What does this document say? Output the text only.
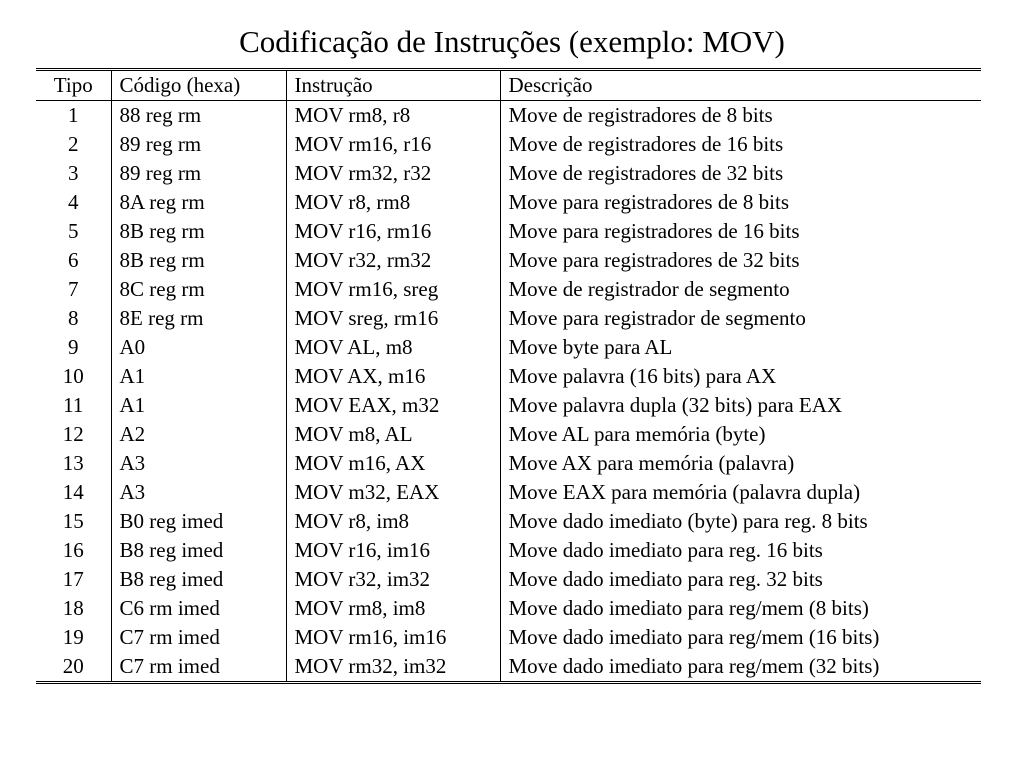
Codificação de Instruções (exemplo: MOV)
Tipo	Código (hexa)	Instrução	Descrição
1	88 reg rm	MOV rm8, r8	Move de registradores de 8 bits
2	89 reg rm	MOV rm16, r16	Move de registradores de 16 bits
3	89 reg rm	MOV rm32, r32	Move de registradores de 32 bits
4	8A reg rm	MOV r8, rm8	Move para registradores de 8 bits
5	8B reg rm	MOV r16, rm16	Move para registradores de 16 bits
6	8B reg rm	MOV r32, rm32	Move para registradores de 32 bits
7	8C reg rm	MOV rm16, sreg	Move de registrador de segmento
8	8E reg rm	MOV sreg, rm16	Move para registrador de segmento
9	A0	MOV AL, m8	Move byte para AL
10	A1	MOV AX, m16	Move palavra (16 bits) para AX
11	A1	MOV EAX, m32	Move palavra dupla (32 bits) para EAX
12	A2	MOV m8, AL	Move AL para memória (byte)
13	A3	MOV m16, AX	Move AX para memória (palavra)
14	A3	MOV m32, EAX	Move EAX para memória (palavra dupla)
15	B0 reg imed	MOV r8, im8	Move dado imediato (byte) para reg. 8 bits
16	B8 reg imed	MOV r16, im16	Move dado imediato para reg. 16 bits
17	B8 reg imed	MOV r32, im32	Move dado imediato para reg. 32 bits
18	C6 rm imed	MOV rm8, im8	Move dado imediato para reg/mem (8 bits)
19	C7 rm imed	MOV rm16, im16	Move dado imediato para reg/mem (16 bits)
20	C7 rm imed	MOV rm32, im32	Move dado imediato para reg/mem (32 bits)
